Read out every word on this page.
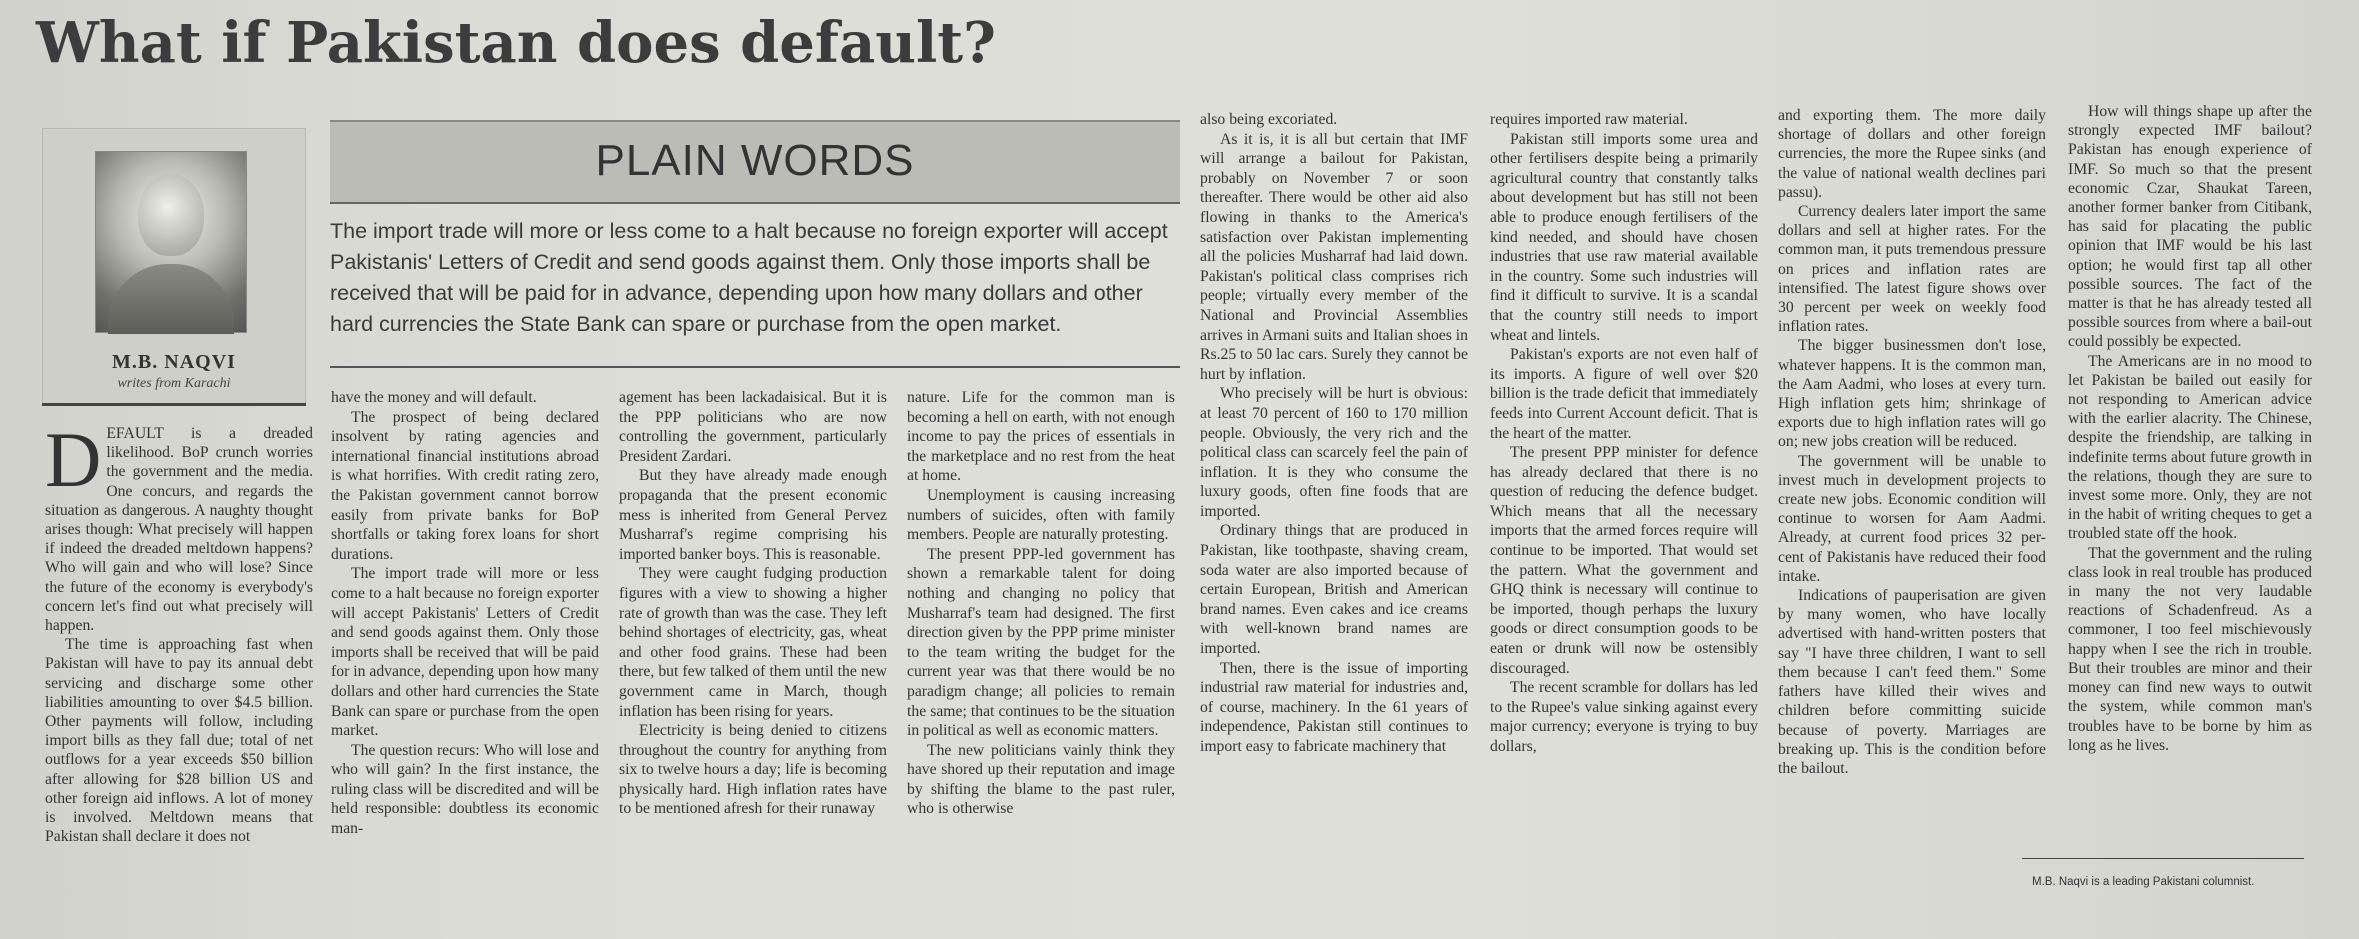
What if Pakistan does default?
M.B. NAQVI
writes from Karachi
PLAIN WORDS
The import trade will more or less come to a halt because no foreign exporter will accept Pakistanis' Letters of Credit and send goods against them. Only those imports shall be received that will be paid for in advance, depending upon how many dollars and other hard currencies the State Bank can spare or purchase from the open market.

DEFAULT is a dreaded likelihood. BoP crunch worries the government and the media. One concurs, and regards the situation as dangerous. A naughty thought arises though: What precisely will happen if indeed the dreaded meltdown happens? Who will gain and who will lose? Since the future of the economy is everybody's concern let's find out what precisely will happen.

The time is approaching fast when Pakistan will have to pay its annual debt servicing and discharge some other liabilities amounting to over $4.5 billion. Other payments will follow, including import bills as they fall due; total of net outflows for a year exceeds $50 billion after allowing for $28 billion US and other foreign aid inflows. A lot of money is involved. Meltdown means that Pakistan shall declare it does not

have the money and will default.

The prospect of being declared insolvent by rating agencies and international financial institutions abroad is what horrifies. With credit rating zero, the Pakistan government cannot borrow easily from private banks for BoP shortfalls or taking forex loans for short durations.

The import trade will more or less come to a halt because no foreign exporter will accept Pakistanis' Letters of Credit and send goods against them. Only those imports shall be received that will be paid for in advance, depending upon how many dollars and other hard currencies the State Bank can spare or purchase from the open market.

The question recurs: Who will lose and who will gain? In the first instance, the ruling class will be discredited and will be held responsible: doubtless its economic man-

agement has been lackadaisical. But it is the PPP politicians who are now controlling the government, particularly President Zardari.

But they have already made enough propaganda that the present economic mess is inherited from General Pervez Musharraf's regime comprising his imported banker boys. This is reasonable.

They were caught fudging production figures with a view to showing a higher rate of growth than was the case. They left behind shortages of electricity, gas, wheat and other food grains. These had been there, but few talked of them until the new government came in March, though inflation has been rising for years.

Electricity is being denied to citizens throughout the country for anything from six to twelve hours a day; life is becoming physically hard. High inflation rates have to be mentioned afresh for their runaway

nature. Life for the common man is becoming a hell on earth, with not enough income to pay the prices of essentials in the marketplace and no rest from the heat at home.

Unemployment is causing increasing numbers of suicides, often with family members. People are naturally protesting.

The present PPP-led government has shown a remarkable talent for doing nothing and changing no policy that Musharraf's team had designed. The first direction given by the PPP prime minister to the team writing the budget for the current year was that there would be no paradigm change; all policies to remain the same; that continues to be the situation in political as well as economic matters.

The new politicians vainly think they have shored up their reputation and image by shifting the blame to the past ruler, who is otherwise

also being excoriated.

As it is, it is all but certain that IMF will arrange a bailout for Pakistan, probably on November 7 or soon thereafter. There would be other aid also flowing in thanks to the America's satisfaction over Pakistan implementing all the policies Musharraf had laid down. Pakistan's political class comprises rich people; virtually every member of the National and Provincial Assemblies arrives in Armani suits and Italian shoes in Rs.25 to 50 lac cars. Surely they cannot be hurt by inflation.

Who precisely will be hurt is obvious: at least 70 percent of 160 to 170 million people. Obviously, the very rich and the political class can scarcely feel the pain of inflation. It is they who consume the luxury goods, often fine foods that are imported.

Ordinary things that are produced in Pakistan, like toothpaste, shaving cream, soda water are also imported because of certain European, British and American brand names. Even cakes and ice creams with well-known brand names are imported.

Then, there is the issue of importing industrial raw material for industries and, of course, machinery. In the 61 years of independence, Pakistan still continues to import easy to fabricate machinery that

requires imported raw material.

Pakistan still imports some urea and other fertilisers despite being a primarily agricultural country that constantly talks about development but has still not been able to produce enough fertilisers of the kind needed, and should have chosen industries that use raw material available in the country. Some such industries will find it difficult to survive. It is a scandal that the country still needs to import wheat and lintels.

Pakistan's exports are not even half of its imports. A figure of well over $20 billion is the trade deficit that immediately feeds into Current Account deficit. That is the heart of the matter.

The present PPP minister for defence has already declared that there is no question of reducing the defence budget. Which means that all the necessary imports that the armed forces require will continue to be imported. That would set the pattern. What the government and GHQ think is necessary will continue to be imported, though perhaps the luxury goods or direct consumption goods to be eaten or drunk will now be ostensibly discouraged.

The recent scramble for dollars has led to the Rupee's value sinking against every major currency; everyone is trying to buy dollars,

and exporting them. The more daily shortage of dollars and other foreign currencies, the more the Rupee sinks (and the value of national wealth declines pari passu).

Currency dealers later import the same dollars and sell at higher rates. For the common man, it puts tremendous pressure on prices and inflation rates are intensified. The latest figure shows over 30 percent per week on weekly food inflation rates.

The bigger businessmen don't lose, whatever happens. It is the common man, the Aam Aadmi, who loses at every turn. High inflation gets him; shrinkage of exports due to high inflation rates will go on; new jobs creation will be reduced.

The government will be unable to invest much in development projects to create new jobs. Economic condition will continue to worsen for Aam Aadmi. Already, at current food prices 32 per- cent of Pakistanis have reduced their food intake.

Indications of pauperisation are given by many women, who have locally advertised with hand-written posters that say "I have three children, I want to sell them because I can't feed them." Some fathers have killed their wives and children before committing suicide because of poverty. Marriages are breaking up. This is the condition before the bailout.

How will things shape up after the strongly expected IMF bailout? Pakistan has enough experience of IMF. So much so that the present economic Czar, Shaukat Tareen, another former banker from Citibank, has said for placating the public opinion that IMF would be his last option; he would first tap all other possible sources. The fact of the matter is that he has already tested all possible sources from where a bail-out could possibly be expected.

The Americans are in no mood to let Pakistan be bailed out easily for not responding to American advice with the earlier alacrity. The Chinese, despite the friendship, are talking in indefinite terms about future growth in the relations, though they are sure to invest some more. Only, they are not in the habit of writing cheques to get a troubled state off the hook.

That the government and the ruling class look in real trouble has produced in many the not very laudable reactions of Schadenfreud. As a commoner, I too feel mischievously happy when I see the rich in trouble. But their troubles are minor and their money can find new ways to outwit the system, while common man's troubles have to be borne by him as long as he lives.

M.B. Naqvi is a leading Pakistani columnist.
